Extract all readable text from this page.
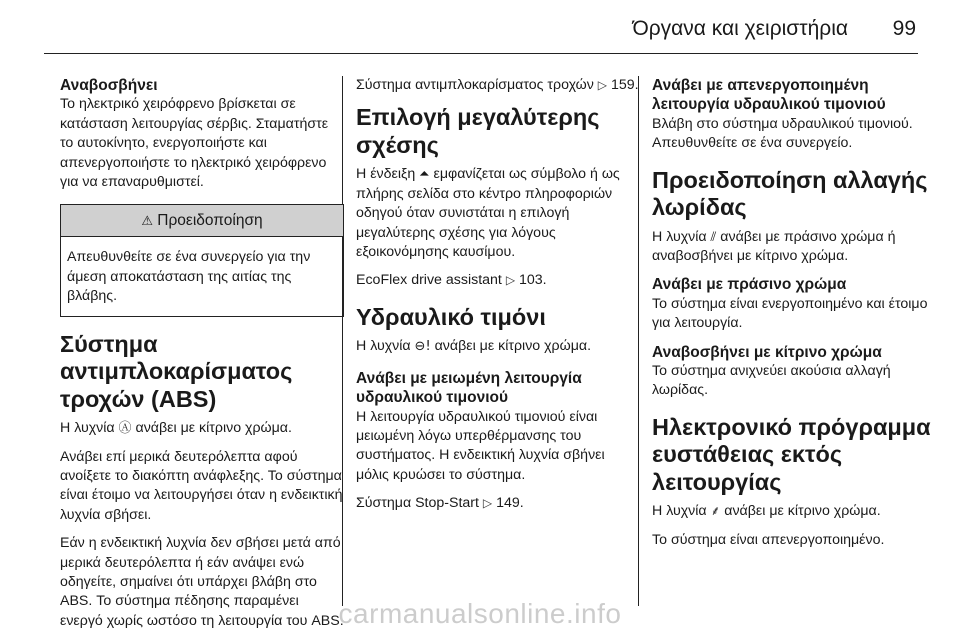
Όργανα και χειριστήρια 99
Αναβοσβήνει

Το ηλεκτρικό χειρόφρενο βρίσκεται σε κατάσταση λειτουργίας σέρβις. Σταματήστε το αυτοκίνητο, ενεργοποιήστε και απενεργοποιήστε το ηλεκτρικό χειρόφρενο για να επαναρυθμιστεί.

⚠ Προειδοποίηση

Απευθυνθείτε σε ένα συνεργείο για την άμεση αποκατάσταση της αιτίας της βλάβης.

Σύστημα αντιμπλοκαρίσματος τροχών (ABS)

Η λυχνία Ⓐ ανάβει με κίτρινο χρώμα.

Ανάβει επί μερικά δευτερόλεπτα αφού ανοίξετε το διακόπτη ανάφλεξης. Το σύστημα είναι έτοιμο να λειτουργήσει όταν η ενδεικτική λυχνία σβήσει.

Εάν η ενδεικτική λυχνία δεν σβήσει μετά από μερικά δευτερόλεπτα ή εάν ανάψει ενώ οδηγείτε, σημαίνει ότι υπάρχει βλάβη στο ABS. Το σύστημα πέδησης παραμένει ενεργό χωρίς ωστόσο τη λειτουργία του ABS.

Σύστημα αντιμπλοκαρίσματος τροχών ▷ 159.

Επιλογή μεγαλύτερης σχέσης

Η ένδειξη ⏶ εμφανίζεται ως σύμβολο ή ως πλήρης σελίδα στο κέντρο πληροφοριών οδηγού όταν συνιστάται η επιλογή μεγαλύτερης σχέσης για λόγους εξοικονόμησης καυσίμου.

EcoFlex drive assistant ▷ 103.

Υδραυλικό τιμόνι

Η λυχνία ⊖! ανάβει με κίτρινο χρώμα.

Ανάβει με μειωμένη λειτουργία υδραυλικού τιμονιού

Η λειτουργία υδραυλικού τιμονιού είναι μειωμένη λόγω υπερθέρμανσης του συστήματος. Η ενδεικτική λυχνία σβήνει μόλις κρυώσει το σύστημα.

Σύστημα Stop-Start ▷ 149.

Ανάβει με απενεργοποιημένη λειτουργία υδραυλικού τιμονιού

Βλάβη στο σύστημα υδραυλικού τιμονιού. Απευθυνθείτε σε ένα συνεργείο.

Προειδοποίηση αλλαγής λωρίδας

Η λυχνία ⫽ ανάβει με πράσινο χρώμα ή αναβοσβήνει με κίτρινο χρώμα.

Ανάβει με πράσινο χρώμα

Το σύστημα είναι ενεργοποιημένο και έτοιμο για λειτουργία.

Αναβοσβήνει με κίτρινο χρώμα

Το σύστημα ανιχνεύει ακούσια αλλαγή λωρίδας.

Ηλεκτρονικό πρόγραμμα ευστάθειας εκτός λειτουργίας

Η λυχνία ⸙ ανάβει με κίτρινο χρώμα.

Το σύστημα είναι απενεργοποιημένο.

carmanualsonline.info
